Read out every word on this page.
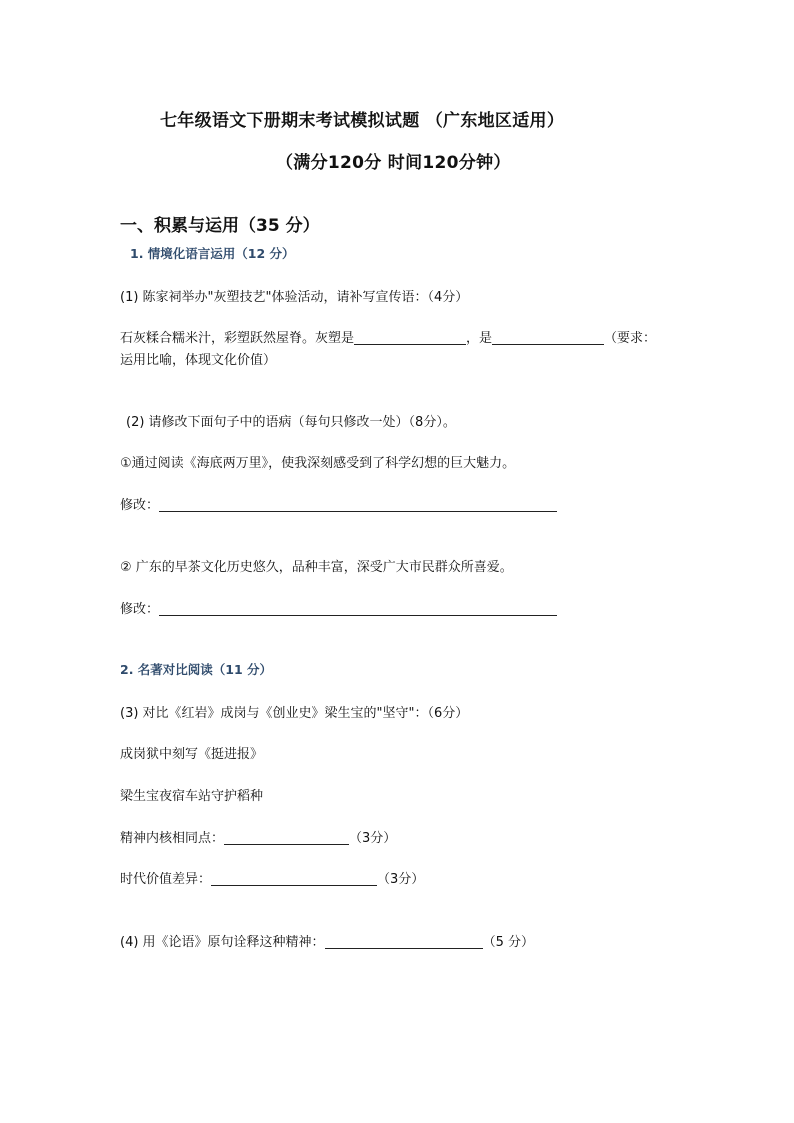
七年级语文下册期末考试模拟试题 （广东地区适用）
（满分120分 时间120分钟）
一、积累与运用（35 分）
1. 情境化语言运用（12 分）
(1) 陈家祠举办"灰塑技艺"体验活动，请补写宣传语：（4分）
石灰糅合糯米汁，彩塑跃然屋脊。灰塑是	，是	（要求：
运用比喻，体现文化价值）
(2) 请修改下面句子中的语病（每句只修改一处）（8分）。
①通过阅读《海底两万里》，使我深刻感受到了科学幻想的巨大魅力。
修改：
② 广东的早茶文化历史悠久，品种丰富，深受广大市民群众所喜爱。
修改：
2. 名著对比阅读（11 分）
(3) 对比《红岩》成岗与《创业史》梁生宝的"坚守"：（6分）
成岗狱中刻写《挺进报》
梁生宝夜宿车站守护稻种
精神内核相同点：	（3分）
时代价值差异：	（3分）
(4) 用《论语》原句诠释这种精神：	（5 分）
